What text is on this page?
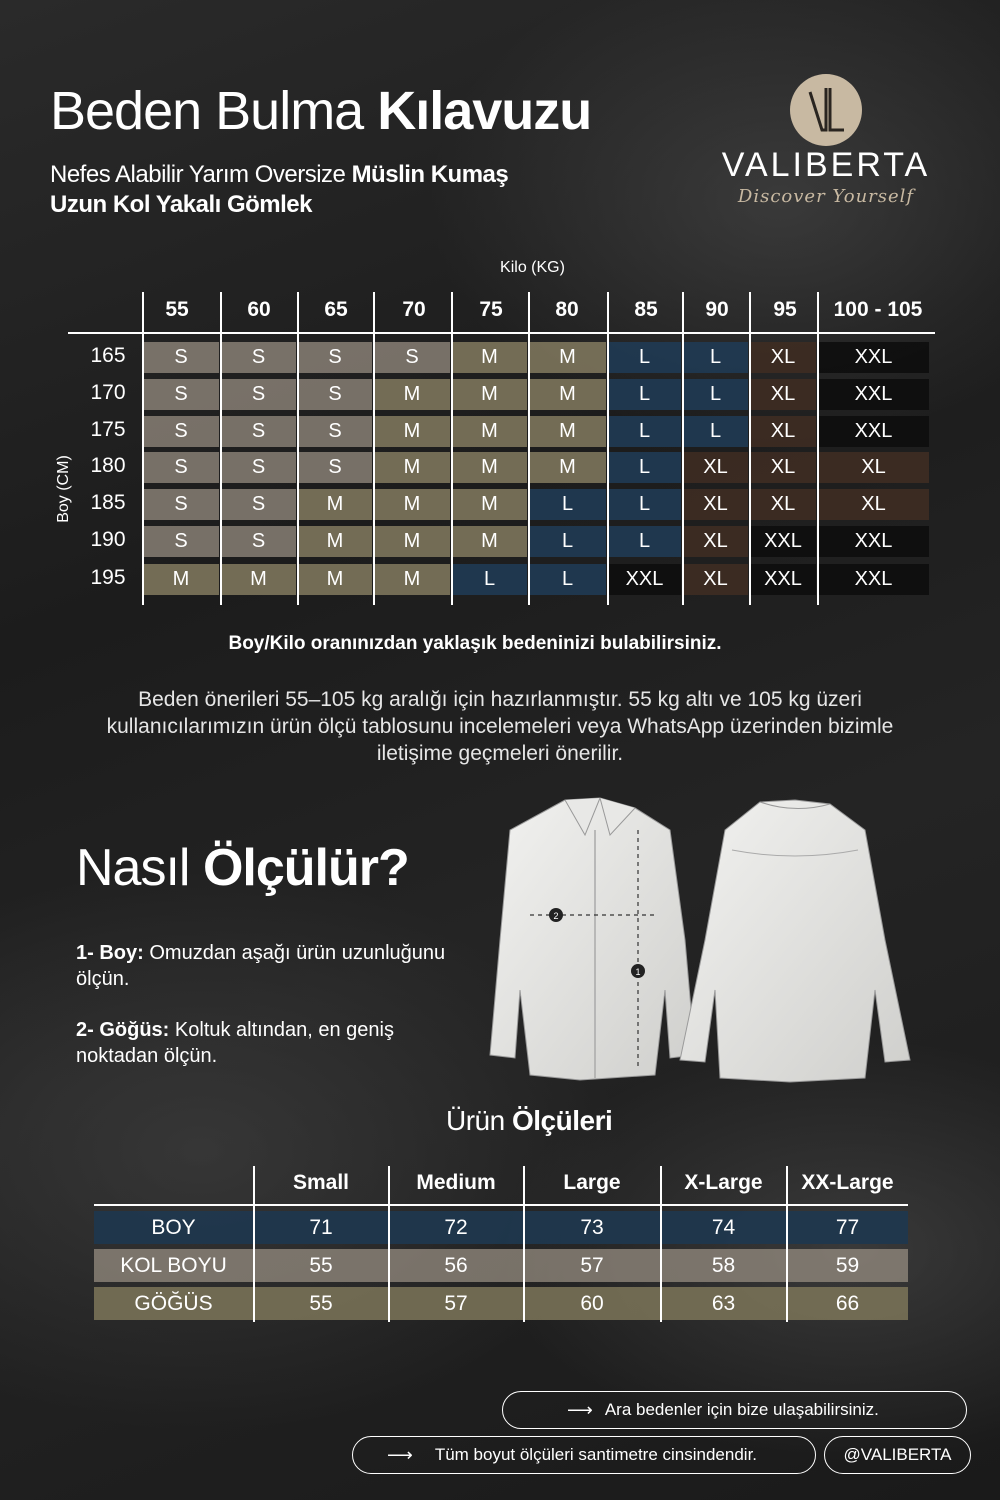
Beden Bulma Kılavuzu
Nefes Alabilir Yarım Oversize Müslin Kumaş
Uzun Kol Yakalı Gömlek
VL
VALIBERTA
Discover Yourself
Kilo (KG)
Boy (CM)
55	60	65	70	75	80	85	90	95	100 - 105
165	S	S	S	S	M	M	L	L	XL	XXL
170	S	S	S	M	M	M	L	L	XL	XXL
175	S	S	S	M	M	M	L	L	XL	XXL
180	S	S	S	M	M	M	L	XL	XL	XL
185	S	S	M	M	M	L	L	XL	XL	XL
190	S	S	M	M	M	L	L	XL	XXL	XXL
195	M	M	M	M	L	L	XXL	XL	XXL	XXL
Boy/Kilo oranınızdan yaklaşık bedeninizi bulabilirsiniz.
Beden önerileri 55–105 kg aralığı için hazırlanmıştır. 55 kg altı ve 105 kg üzeri kullanıcılarımızın ürün ölçü tablosunu incelemeleri veya WhatsApp üzerinden bizimle iletişime geçmeleri önerilir.
Nasıl Ölçülür?
1- Boy: Omuzdan aşağı ürün uzunluğunu ölçün.
2- Göğüs: Koltuk altından, en geniş noktadan ölçün.
1
2
Ürün Ölçüleri
Small	Medium	Large	X-Large	XX-Large
BOY	71	72	73	74	77
KOL BOYU	55	56	57	58	59
GÖĞÜS	55	57	60	63	66
⟶ Ara bedenler için bize ulaşabilirsiniz.
⟶ Tüm boyut ölçüleri santimetre cinsindendir.	@VALIBERTA
